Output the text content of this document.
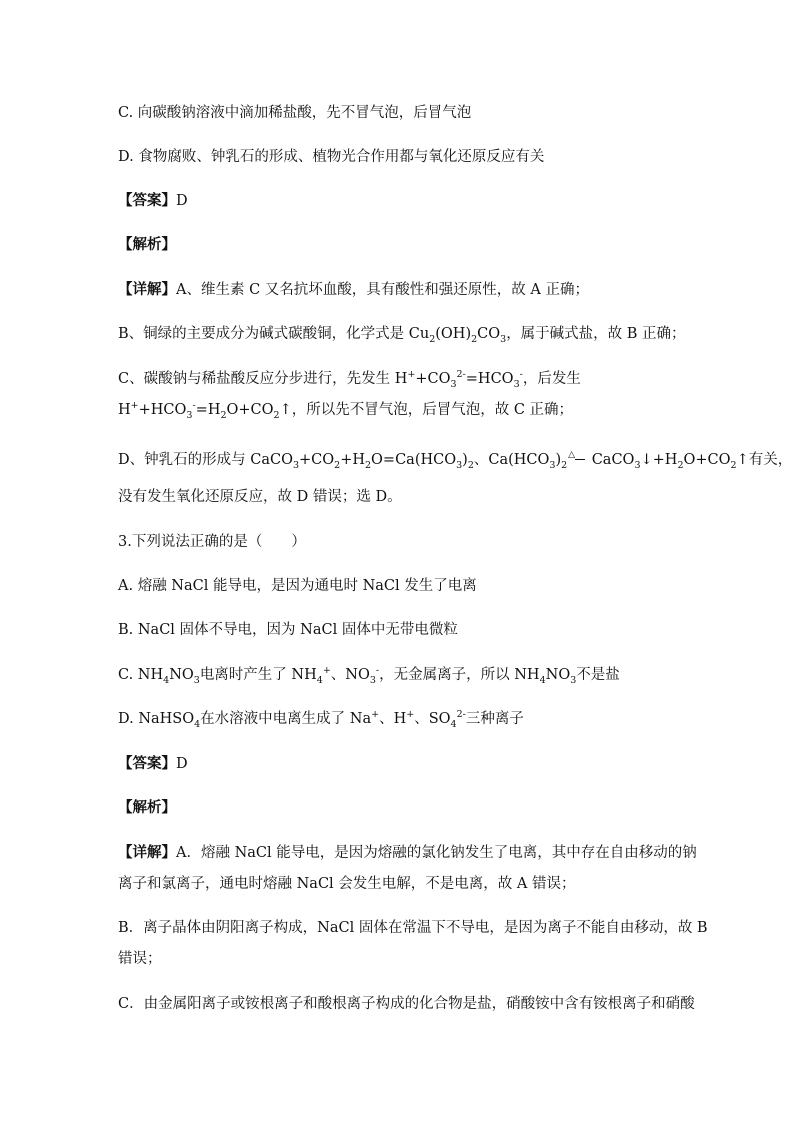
C. 向碳酸钠溶液中滴加稀盐酸，先不冒气泡，后冒气泡
D. 食物腐败、钟乳石的形成、植物光合作用都与氧化还原反应有关
【答案】D
【解析】
【详解】A、维生素 C 又名抗坏血酸，具有酸性和强还原性，故 A 正确；
B、铜绿的主要成分为碱式碳酸铜，化学式是 $Cu_2(OH)_2CO_3$，属于碱式盐，故 B 正确；
C、碳酸钠与稀盐酸反应分步进行，先发生 $H^++CO_3^{2-}=HCO_3^-$，后发生
$H^++HCO_3^-=H_2O+CO_2↑$，所以先不冒气泡，后冒气泡，故 C 正确；
D、钟乳石的形成与 $CaCO_3+CO_2+H_2O=Ca(HCO_3)_2$、$Ca(HCO_3)_2^\triangle$ $CaCO_3↓+H_2O+CO_2↑$有关，
没有发生氧化还原反应，故 D 错误；选 D。
3.下列说法正确的是（　　）
A. 熔融 NaCl 能导电，是因为通电时 NaCl 发生了电离
B. NaCl 固体不导电，因为 NaCl 固体中无带电微粒
C. $NH_4NO_3$电离时产生了 $NH_4^+$、$NO_3^-$，无金属离子，所以 $NH_4NO_3$不是盐
D. NaHSO$_4$在水溶液中电离生成了 Na+、H+、$SO_4^{2-}$三种离子
【答案】D
【解析】
【详解】A．熔融 NaCl 能导电，是因为熔融的氯化钠发生了电离，其中存在自由移动的钠
离子和氯离子，通电时熔融 NaCl 会发生电解，不是电离，故 A 错误；
B．离子晶体由阴阳离子构成，NaCl 固体在常温下不导电，是因为离子不能自由移动，故 B
错误；
C．由金属阳离子或铵根离子和酸根离子构成的化合物是盐，硝酸铵中含有铵根离子和硝酸
